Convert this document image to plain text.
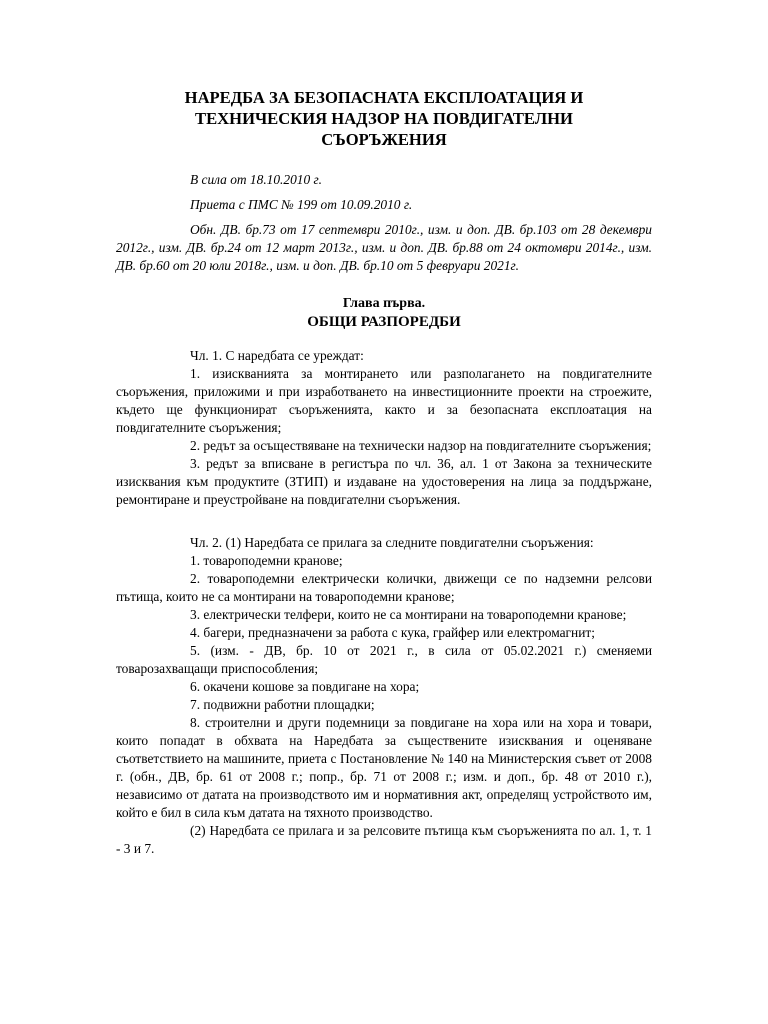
НАРЕДБА ЗА БЕЗОПАСНАТА ЕКСПЛОАТАЦИЯ И
ТЕХНИЧЕСКИЯ НАДЗОР НА ПОВДИГАТЕЛНИ
СЪОРЪЖЕНИЯ

В сила от 18.10.2010 г.

Приета с ПМС № 199 от 10.09.2010 г.

Обн. ДВ. бр.73 от 17 септември 2010г., изм. и доп. ДВ. бр.103 от 28 декември 2012г., изм. ДВ. бр.24 от 12 март 2013г., изм. и доп. ДВ. бр.88 от 24 октомври 2014г., изм. ДВ. бр.60 от 20 юли 2018г., изм. и доп. ДВ. бр.10 от 5 февруари 2021г.

Глава първа.
ОБЩИ РАЗПОРЕДБИ

Чл. 1. С наредбата се уреждат:

1. изискванията за монтирането или разполагането на повдигателните съоръжения, приложими и при изработването на инвестиционните проекти на строежите, където ще функционират съоръженията, както и за безопасната експлоатация на повдигателните съоръжения;

2. редът за осъществяване на технически надзор на повдигателните съоръжения;

3. редът за вписване в регистъра по чл. 36, ал. 1 от Закона за техническите изисквания към продуктите (ЗТИП) и издаване на удостоверения на лица за поддържане, ремонтиране и преустройване на повдигателни съоръжения.

Чл. 2. (1) Наредбата се прилага за следните повдигателни съоръжения:

1. товароподемни кранове;

2. товароподемни електрически колички, движещи се по надземни релсови пътища, които не са монтирани на товароподемни кранове;

3. електрически телфери, които не са монтирани на товароподемни кранове;

4. багери, предназначени за работа с кука, грайфер или електромагнит;

5. (изм. - ДВ, бр. 10 от 2021 г., в сила от 05.02.2021 г.) сменяеми товарозахващащи приспособления;

6. окачени кошове за повдигане на хора;

7. подвижни работни площадки;

8. строителни и други подемници за повдигане на хора или на хора и товари, които попадат в обхвата на Наредбата за съществените изисквания и оценяване съответствието на машините, приета с Постановление № 140 на Министерския съвет от 2008 г. (обн., ДВ, бр. 61 от 2008 г.; попр., бр. 71 от 2008 г.; изм. и доп., бр. 48 от 2010 г.), независимо от датата на производството им и нормативния акт, определящ устройството им, който е бил в сила към датата на тяхното производство.

(2) Наредбата се прилага и за релсовите пътища към съоръженията по ал. 1, т. 1 - 3 и 7.
